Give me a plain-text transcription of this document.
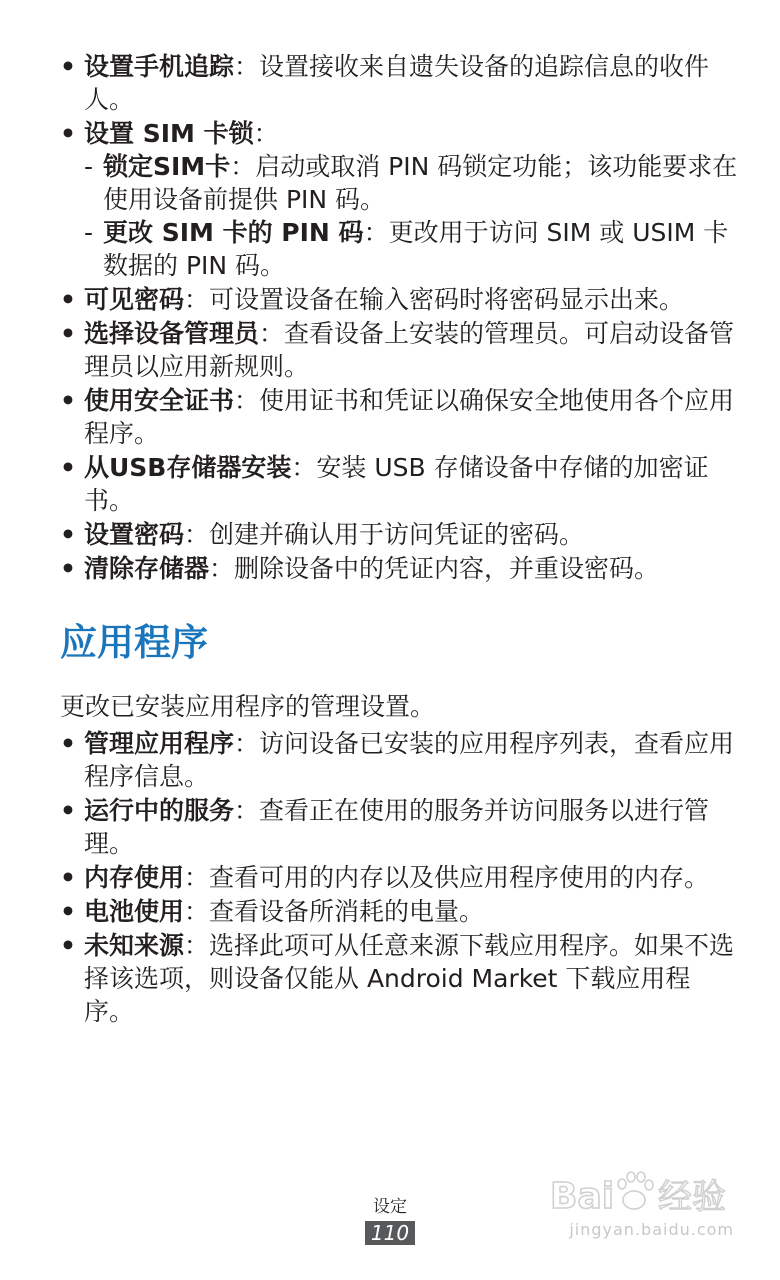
• 设置手机追踪：设置接收来自遗失设备的追踪信息的收件人。
• 设置 SIM 卡锁：
- 锁定SIM卡：启动或取消 PIN 码锁定功能；该功能要求在使用设备前提供 PIN 码。
- 更改 SIM 卡的 PIN 码：更改用于访问 SIM 或 USIM 卡数据的 PIN 码。
• 可见密码：可设置设备在输入密码时将密码显示出来。
• 选择设备管理员：查看设备上安装的管理员。可启动设备管理员以应用新规则。
• 使用安全证书：使用证书和凭证以确保安全地使用各个应用程序。
• 从USB存储器安装：安装 USB 存储设备中存储的加密证书。
• 设置密码：创建并确认用于访问凭证的密码。
• 清除存储器：删除设备中的凭证内容，并重设密码。
应用程序

更改已安装应用程序的管理设置。

• 管理应用程序：访问设备已安装的应用程序列表，查看应用程序信息。
• 运行中的服务：查看正在使用的服务并访问服务以进行管理。
• 内存使用：查看可用的内存以及供应用程序使用的内存。
• 电池使用：查看设备所消耗的电量。
• 未知来源：选择此项可从任意来源下载应用程序。如果不选择该选项，则设备仅能从 Android Market 下载应用程序。
设定
110
Bai 经验
jingyan.baidu.com
